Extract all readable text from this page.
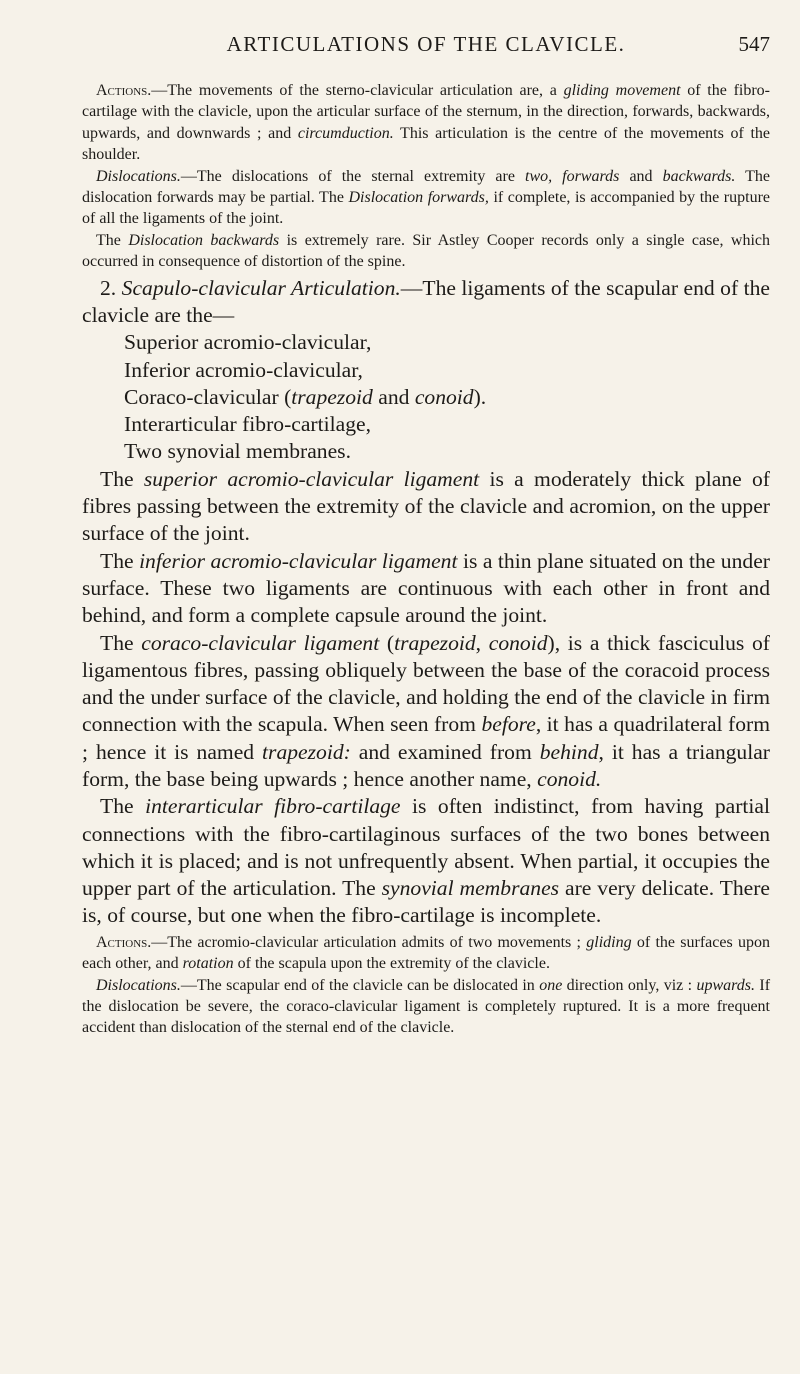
ARTICULATIONS OF THE CLAVICLE.	547

Actions.—The movements of the sterno-clavicular articulation are, a gliding movement of the fibro-cartilage with the clavicle, upon the articular surface of the sternum, in the direction, forwards, backwards, upwards, and downwards ; and circumduction. This articulation is the centre of the movements of the shoulder.

Dislocations.—The dislocations of the sternal extremity are two, forwards and backwards. The dislocation forwards may be partial. The Dislocation forwards, if complete, is accompanied by the rupture of all the ligaments of the joint.

The Dislocation backwards is extremely rare. Sir Astley Cooper records only a single case, which occurred in consequence of distortion of the spine.

2. Scapulo-clavicular Articulation.—The ligaments of the scapular end of the clavicle are the—

Superior acromio-clavicular,
Inferior acromio-clavicular,
Coraco-clavicular (trapezoid and conoid).
Interarticular fibro-cartilage,
Two synovial membranes.

The superior acromio-clavicular ligament is a moderately thick plane of fibres passing between the extremity of the clavicle and acromion, on the upper surface of the joint.

The inferior acromio-clavicular ligament is a thin plane situated on the under surface. These two ligaments are continuous with each other in front and behind, and form a complete capsule around the joint.

The coraco-clavicular ligament (trapezoid, conoid), is a thick fasciculus of ligamentous fibres, passing obliquely between the base of the coracoid process and the under surface of the clavicle, and holding the end of the clavicle in firm connection with the scapula. When seen from before, it has a quadrilateral form ; hence it is named trapezoid: and examined from behind, it has a triangular form, the base being upwards ; hence another name, conoid.

The interarticular fibro-cartilage is often indistinct, from having partial connections with the fibro-cartilaginous surfaces of the two bones between which it is placed; and is not unfrequently absent. When partial, it occupies the upper part of the articulation. The synovial membranes are very delicate. There is, of course, but one when the fibro-cartilage is incomplete.

Actions.—The acromio-clavicular articulation admits of two movements ; gliding of the surfaces upon each other, and rotation of the scapula upon the extremity of the clavicle.

Dislocations.—The scapular end of the clavicle can be dislocated in one direction only, viz : upwards. If the dislocation be severe, the coraco-clavicular ligament is completely ruptured. It is a more frequent accident than dislocation of the sternal end of the clavicle.
